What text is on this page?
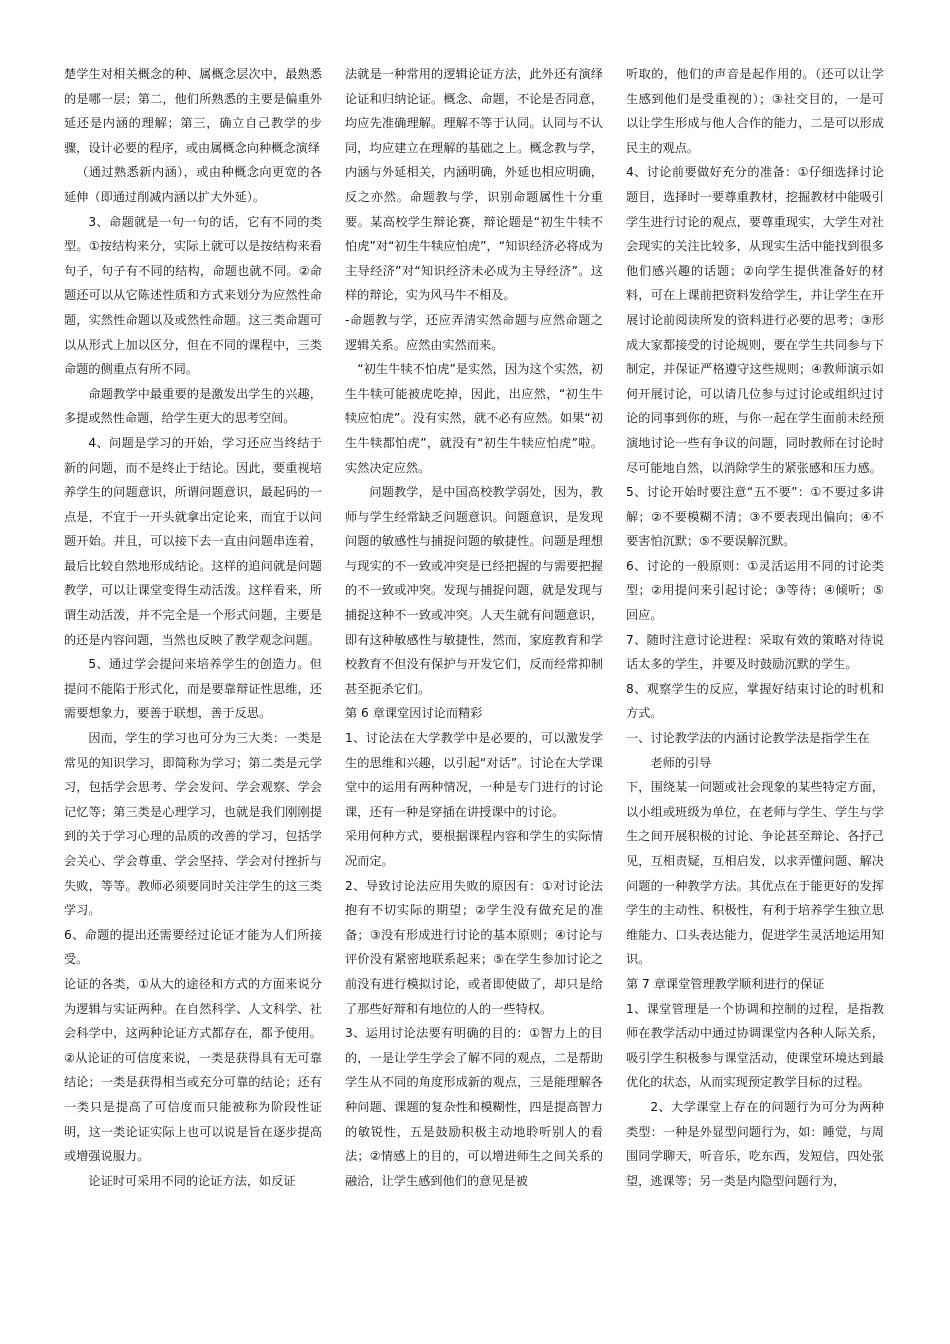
楚学生对相关概念的种、属概念层次中，最熟悉的是哪一层；第二，他们所熟悉的主要是偏重外延还是内涵的理解；第三，确立自己教学的步骤，设计必要的程序，或由属概念向种概念演绎

（通过熟悉新内涵），或由种概念向更宽的各延伸（即通过削减内涵以扩大外延）。

3、命题就是一句一句的话，它有不同的类型。①按结构来分，实际上就可以是按结构来看句子，句子有不同的结构，命题也就不同。②命题还可以从它陈述性质和方式来划分为应然性命题，实然性命题以及或然性命题。这三类命题可以从形式上加以区分，但在不同的课程中，三类命题的侧重点有所不同。

命题教学中最重要的是激发出学生的兴趣，多提或然性命题，给学生更大的思考空间。

4、问题是学习的开始，学习还应当终结于新的问题，而不是终止于结论。因此，要重视培养学生的问题意识，所谓问题意识，最起码的一点是，不宜于一开头就拿出定论来，而宜于以问题开始。并且，可以接下去一直由问题串连着，最后比较自然地形成结论。这样的追问就是问题教学，可以让课堂变得生动活泼。这样看来，所谓生动活泼，并不完全是一个形式问题，主要是的还是内容问题，当然也反映了教学观念问题。

5、通过学会提问来培养学生的创造力。但提问不能陷于形式化，而是要靠辩证性思维，还需要想象力，要善于联想，善于反思。

因而，学生的学习也可分为三大类：一类是常见的知识学习，即简称为学习；第二类是元学习，包括学会思考、学会发问、学会观察、学会记忆等；第三类是心理学习，也就是我们刚刚提到的关于学习心理的品质的改善的学习，包括学会关心、学会尊重、学会坚持、学会对付挫折与失败，等等。教师必须要同时关注学生的这三类学习。

6、命题的提出还需要经过论证才能为人们所接受。

论证的各类，①从大的途径和方式的方面来说分为逻辑与实证两种。在自然科学、人文科学、社会科学中，这两种论证方式都存在，都予使用。②从论证的可信度来说，一类是获得具有无可靠结论；一类是获得相当或充分可靠的结论；还有一类只是提高了可信度而只能被称为阶段性证明，这一类论证实际上也可以说是旨在逐步提高或增强说服力。

论证时可采用不同的论证方法，如反证

法就是一种常用的逻辑论证方法，此外还有演绎论证和归纳论证。概念、命题，不论是否同意，均应先准确理解。理解不等于认同。认同与不认同，均应建立在理解的基础之上。概念教与学，内涵与外延相关，内涵明确，外延也相应明确，反之亦然。命题教与学，识别命题属性十分重要。某高校学生辩论赛，辩论题是“初生牛犊不怕虎”对“初生牛犊应怕虎”，“知识经济必将成为主导经济”对“知识经济未必成为主导经济”。这样的辩论，实为风马牛不相及。

-命题教与学，还应弄清实然命题与应然命题之逻辑关系。应然由实然而来。

“初生牛犊不怕虎”是实然，因为这个实然，初生牛犊可能被虎吃掉，因此，出应然，“初生牛犊应怕虎”。没有实然，就不必有应然。如果“初生牛犊都怕虎”，就没有“初生牛犊应怕虎”啦。实然决定应然。

问题教学，是中国高校教学弱处，因为，教师与学生经常缺乏问题意识。问题意识，是发现问题的敏感性与捕捉问题的敏捷性。问题是理想与现实的不一致或冲突是已经把握的与需要把握的不一致或冲突。发现与捕捉问题，就是发现与捕捉这种不一致或冲突。人天生就有问题意识，即有这种敏感性与敏捷性，然而，家庭教育和学校教育不但没有保护与开发它们，反而经常抑制甚至扼杀它们。

第 6 章课堂因讨论而精彩

1、讨论法在大学教学中是必要的，可以激发学生的思维和兴趣，以引起“对话”。讨论在大学课堂中的运用有两种情况，一种是专门进行的讨论课，还有一种是穿插在讲授课中的讨论。

采用何种方式，要根据课程内容和学生的实际情况而定。

2、导致讨论法应用失败的原因有：①对讨论法抱有不切实际的期望；②学生没有做充足的准备；③没有形成进行讨论的基本原则；④讨论与评价没有紧密地联系起来；⑤在学生参加讨论之前没有进行模拟讨论，或者即使做了，却只是给了那些好辩和有地位的人的一些特权。

3、运用讨论法要有明确的目的：①智力上的目的，一是让学生学会了解不同的观点，二是帮助学生从不同的角度形成新的观点，三是能理解各种问题、课题的复杂性和模糊性，四是提高智力的敏锐性，五是鼓励积极主动地聆听别人的看法；②情感上的目的，可以增进师生之间关系的融洽，让学生感到他们的意见是被

听取的，他们的声音是起作用的。（还可以让学生感到他们是受重视的）；③社交目的，一是可以让学生形成与他人合作的能力，二是可以形成民主的观点。

4、讨论前要做好充分的准备：①仔细选择讨论题目，选择时一要尊重教材，挖掘教材中能吸引学生进行讨论的观点，要尊重现实，大学生对社会现实的关注比较多，从现实生活中能找到很多他们感兴趣的话题；②向学生提供准备好的材料，可在上课前把资料发给学生，并让学生在开展讨论前阅读所发的资料进行必要的思考；③形成大家都接受的讨论规则，要在学生共同参与下制定，并保证严格遵守这些规则；④教师演示如何开展讨论，可以请几位参与过讨论或组织过讨论的同事到你的班，与你一起在学生面前未经预演地讨论一些有争议的问题，同时教师在讨论时尽可能地自然，以消除学生的紧张感和压力感。

5、讨论开始时要注意“五不要”：①不要过多讲解；②不要模糊不清；③不要表现出偏向；④不要害怕沉默；⑤不要误解沉默。

6、讨论的一般原则：①灵活运用不同的讨论类型；②用提问来引起讨论；③等待；④倾听；⑤回应。

7、随时注意讨论进程：采取有效的策略对待说话太多的学生，并要及时鼓励沉默的学生。

8、观察学生的反应，掌握好结束讨论的时机和方式。

一、讨论教学法的内涵讨论教学法是指学生在

老师的引导

下，围绕某一问题或社会现象的某些特定方面，以小组或班级为单位，在老师与学生、学生与学生之间开展积极的讨论、争论甚至辩论、各抒己见，互相责疑，互相启发，以求弄懂问题、解决问题的一种教学方法。其优点在于能更好的发挥学生的主动性、积极性，有利于培养学生独立思维能力、口头表达能力，促进学生灵活地运用知识。

第 7 章课堂管理教学顺利进行的保证

1、课堂管理是一个协调和控制的过程，是指教师在教学活动中通过协调课堂内各种人际关系，吸引学生积极参与课堂活动，使课堂环境达到最优化的状态，从而实现预定教学目标的过程。

2、大学课堂上存在的问题行为可分为两种类型：一种是外显型问题行为，如：睡觉，与周围同学聊天，听音乐，吃东西，发短信，四处张望，逃课等；另一类是内隐型问题行为，
